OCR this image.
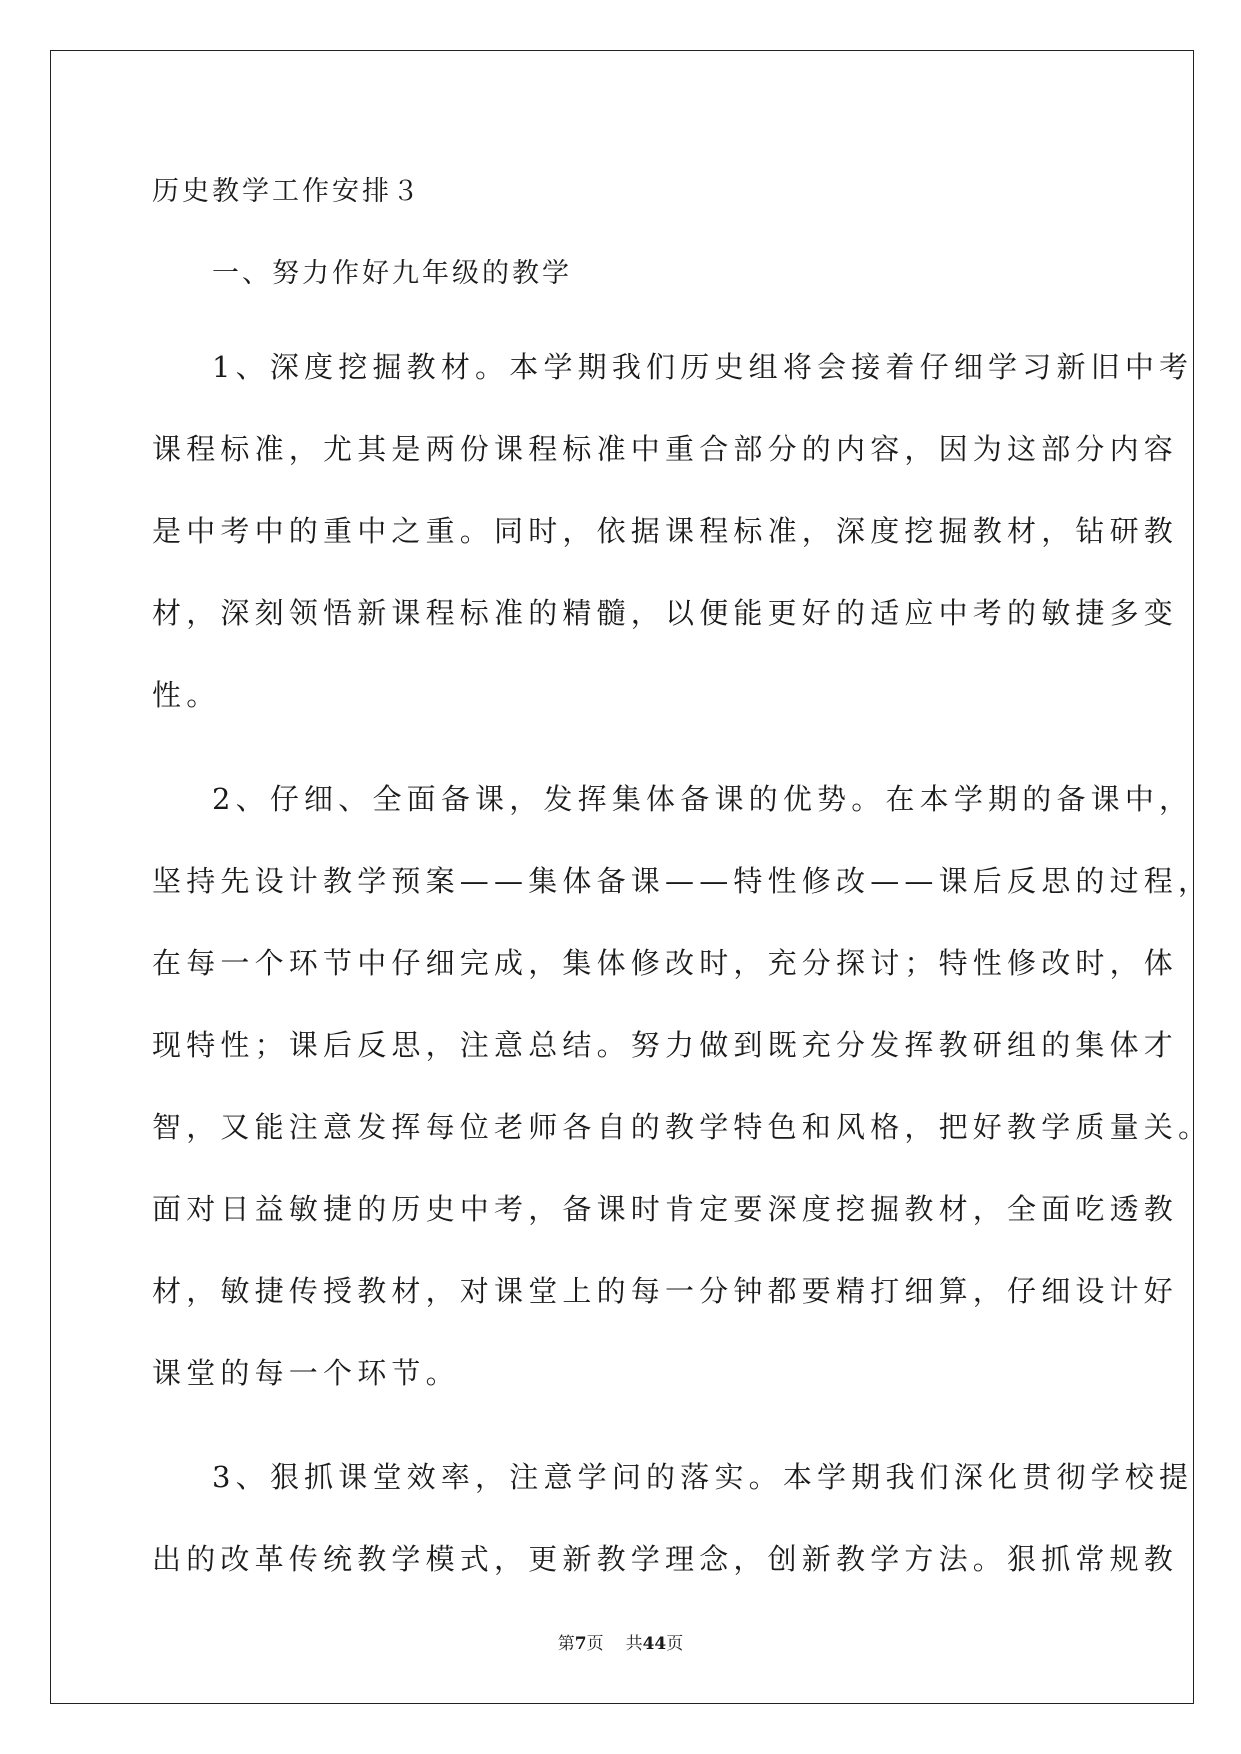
历史教学工作安排３

一、努力作好九年级的教学

1、深度挖掘教材。本学期我们历史组将会接着仔细学习新旧中考

课程标准，尤其是两份课程标准中重合部分的内容，因为这部分内容

是中考中的重中之重。同时，依据课程标准，深度挖掘教材，钻研教

材，深刻领悟新课程标准的精髓，以便能更好的适应中考的敏捷多变

性。

2、仔细、全面备课，发挥集体备课的优势。在本学期的备课中，

坚持先设计教学预案——集体备课——特性修改——课后反思的过程，

在每一个环节中仔细完成，集体修改时，充分探讨；特性修改时，体

现特性；课后反思，注意总结。努力做到既充分发挥教研组的集体才

智，又能注意发挥每位老师各自的教学特色和风格，把好教学质量关。

面对日益敏捷的历史中考，备课时肯定要深度挖掘教材，全面吃透教

材，敏捷传授教材，对课堂上的每一分钟都要精打细算，仔细设计好

课堂的每一个环节。

3、狠抓课堂效率，注意学问的落实。本学期我们深化贯彻学校提

出的改革传统教学模式，更新教学理念，创新教学方法。狠抓常规教

第7页 共44页
